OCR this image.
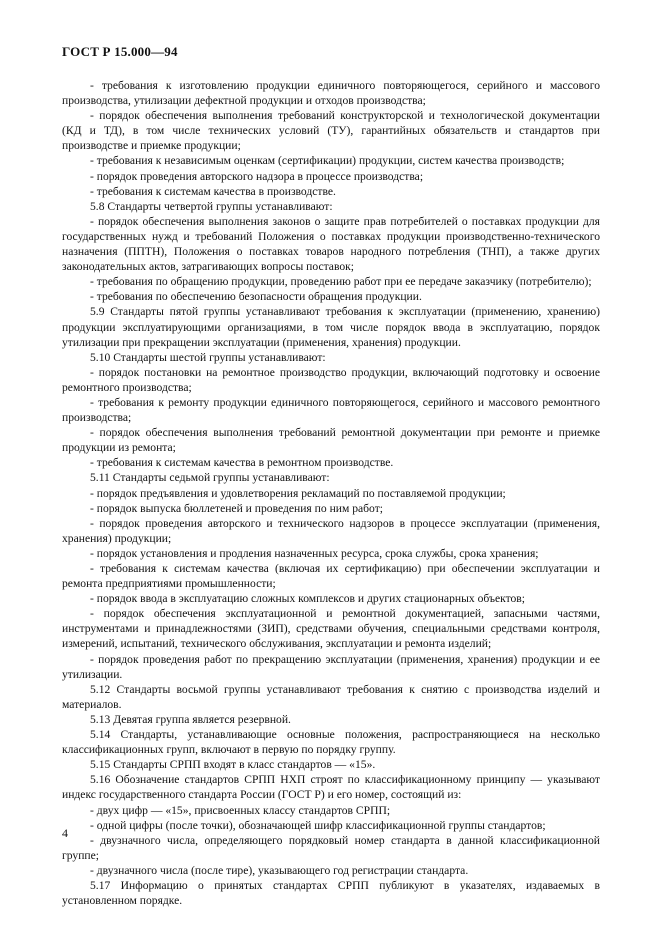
ГОСТ Р 15.000—94

- требования к изготовлению продукции единичного повторяющегося, серийного и массового производства, утилизации дефектной продукции и отходов производства;

- порядок обеспечения выполнения требований конструкторской и технологической документации (КД и ТД), в том числе технических условий (ТУ), гарантийных обязательств и стандартов при производстве и приемке продукции;

- требования к независимым оценкам (сертификации) продукции, систем качества производств;

- порядок проведения авторского надзора в процессе производства;

- требования к системам качества в производстве.

5.8 Стандарты четвертой группы устанавливают:

- порядок обеспечения выполнения законов о защите прав потребителей о поставках продукции для государственных нужд и требований Положения о поставках продукции производственно-технического назначения (ППТН), Положения о поставках товаров народного потребления (ТНП), а также других законодательных актов, затрагивающих вопросы поставок;

- требования по обращению продукции, проведению работ при ее передаче заказчику (потребителю);

- требования по обеспечению безопасности обращения продукции.

5.9 Стандарты пятой группы устанавливают требования к эксплуатации (применению, хранению) продукции эксплуатирующими организациями, в том числе порядок ввода в эксплуатацию, порядок утилизации при прекращении эксплуатации (применения, хранения) продукции.

5.10 Стандарты шестой группы устанавливают:

- порядок постановки на ремонтное производство продукции, включающий подготовку и освоение ремонтного производства;

- требования к ремонту продукции единичного повторяющегося, серийного и массового ремонтного производства;

- порядок обеспечения выполнения требований ремонтной документации при ремонте и приемке продукции из ремонта;

- требования к системам качества в ремонтном производстве.

5.11 Стандарты седьмой группы устанавливают:

- порядок предъявления и удовлетворения рекламаций по поставляемой продукции;

- порядок выпуска бюллетеней и проведения по ним работ;

- порядок проведения авторского и технического надзоров в процессе эксплуатации (применения, хранения) продукции;

- порядок установления и продления назначенных ресурса, срока службы, срока хранения;

- требования к системам качества (включая их сертификацию) при обеспечении эксплуатации и ремонта предприятиями промышленности;

- порядок ввода в эксплуатацию сложных комплексов и других стационарных объектов;

- порядок обеспечения эксплуатационной и ремонтной документацией, запасными частями, инструментами и принадлежностями (ЗИП), средствами обучения, специальными средствами контроля, измерений, испытаний, технического обслуживания, эксплуатации и ремонта изделий;

- порядок проведения работ по прекращению эксплуатации (применения, хранения) продукции и ее утилизации.

5.12 Стандарты восьмой группы устанавливают требования к снятию с производства изделий и материалов.

5.13 Девятая группа является резервной.

5.14 Стандарты, устанавливающие основные положения, распространяющиеся на несколько классификационных групп, включают в первую по порядку группу.

5.15 Стандарты СРПП входят в класс стандартов — «15».

5.16 Обозначение стандартов СРПП НХП строят по классификационному принципу — указывают индекс государственного стандарта России (ГОСТ Р) и его номер, состоящий из:

- двух цифр — «15», присвоенных классу стандартов СРПП;

- одной цифры (после точки), обозначающей шифр классификационной группы стандартов;

- двузначного числа, определяющего порядковый номер стандарта в данной классификационной группе;

- двузначного числа (после тире), указывающего год регистрации стандарта.

5.17 Информацию о принятых стандартах СРПП публикуют в указателях, издаваемых в установленном порядке.

4
